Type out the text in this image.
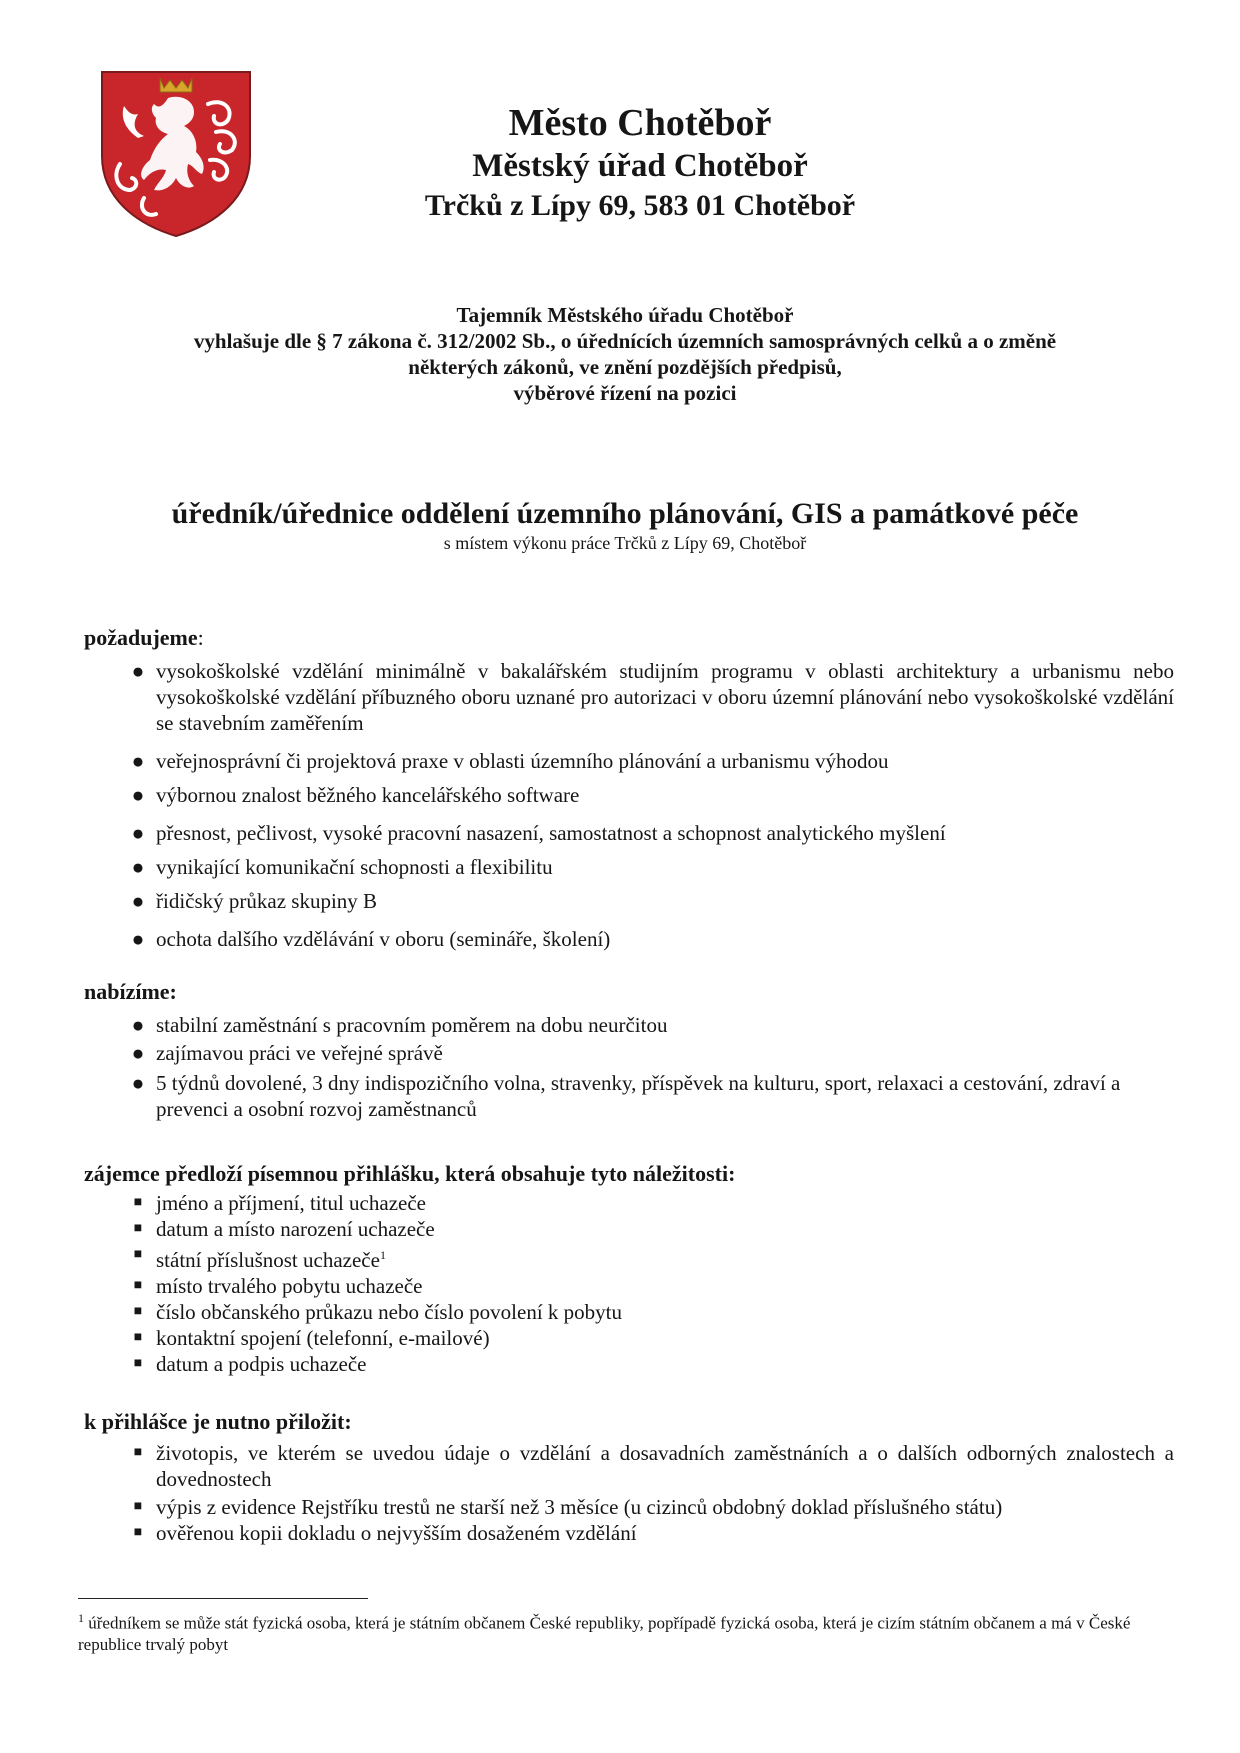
Město Chotěboř
Městský úřad Chotěboř
Trčků z Lípy 69, 583 01 Chotěboř
Tajemník Městského úřadu Chotěboř
vyhlašuje dle § 7 zákona č. 312/2002 Sb., o úřednících územních samosprávných celků a o změně
některých zákonů, ve znění pozdějších předpisů,
výběrové řízení na pozici
úředník/úřednice oddělení územního plánování, GIS a památkové péče
s místem výkonu práce Trčků z Lípy 69, Chotěboř
požadujeme:
● vysokoškolské vzdělání minimálně v bakalářském studijním programu v oblasti architektury a urbanismu nebo vysokoškolské vzdělání příbuzného oboru uznané pro autorizaci v oboru územní plánování nebo vysokoškolské vzdělání se stavebním zaměřením
● veřejnosprávní či projektová praxe v oblasti územního plánování a urbanismu výhodou
● výbornou znalost běžného kancelářského software
● přesnost, pečlivost, vysoké pracovní nasazení, samostatnost a schopnost analytického myšlení
● vynikající komunikační schopnosti a flexibilitu
● řidičský průkaz skupiny B
● ochota dalšího vzdělávání v oboru (semináře, školení)
nabízíme:
● stabilní zaměstnání s pracovním poměrem na dobu neurčitou
● zajímavou práci ve veřejné správě
● 5 týdnů dovolené, 3 dny indispozičního volna, stravenky, příspěvek na kulturu, sport, relaxaci a cestování, zdraví a prevenci a osobní rozvoj zaměstnanců
zájemce předloží písemnou přihlášku, která obsahuje tyto náležitosti:
■ jméno a příjmení, titul uchazeče
■ datum a místo narození uchazeče
■ státní příslušnost uchazeče$^1$
■ místo trvalého pobytu uchazeče
■ číslo občanského průkazu nebo číslo povolení k pobytu
■ kontaktní spojení (telefonní, e-mailové)
■ datum a podpis uchazeče
k přihlášce je nutno přiložit:
■ životopis, ve kterém se uvedou údaje o vzdělání a dosavadních zaměstnáních a o dalších odborných znalostech a dovednostech
■ výpis z evidence Rejstříku trestů ne starší než 3 měsíce (u cizinců obdobný doklad příslušného státu)
■ ověřenou kopii dokladu o nejvyšším dosaženém vzdělání
$^1$ úředníkem se může stát fyzická osoba, která je státním občanem České republiky, popřípadě fyzická osoba, která je cizím státním občanem a má v České republice trvalý pobyt
